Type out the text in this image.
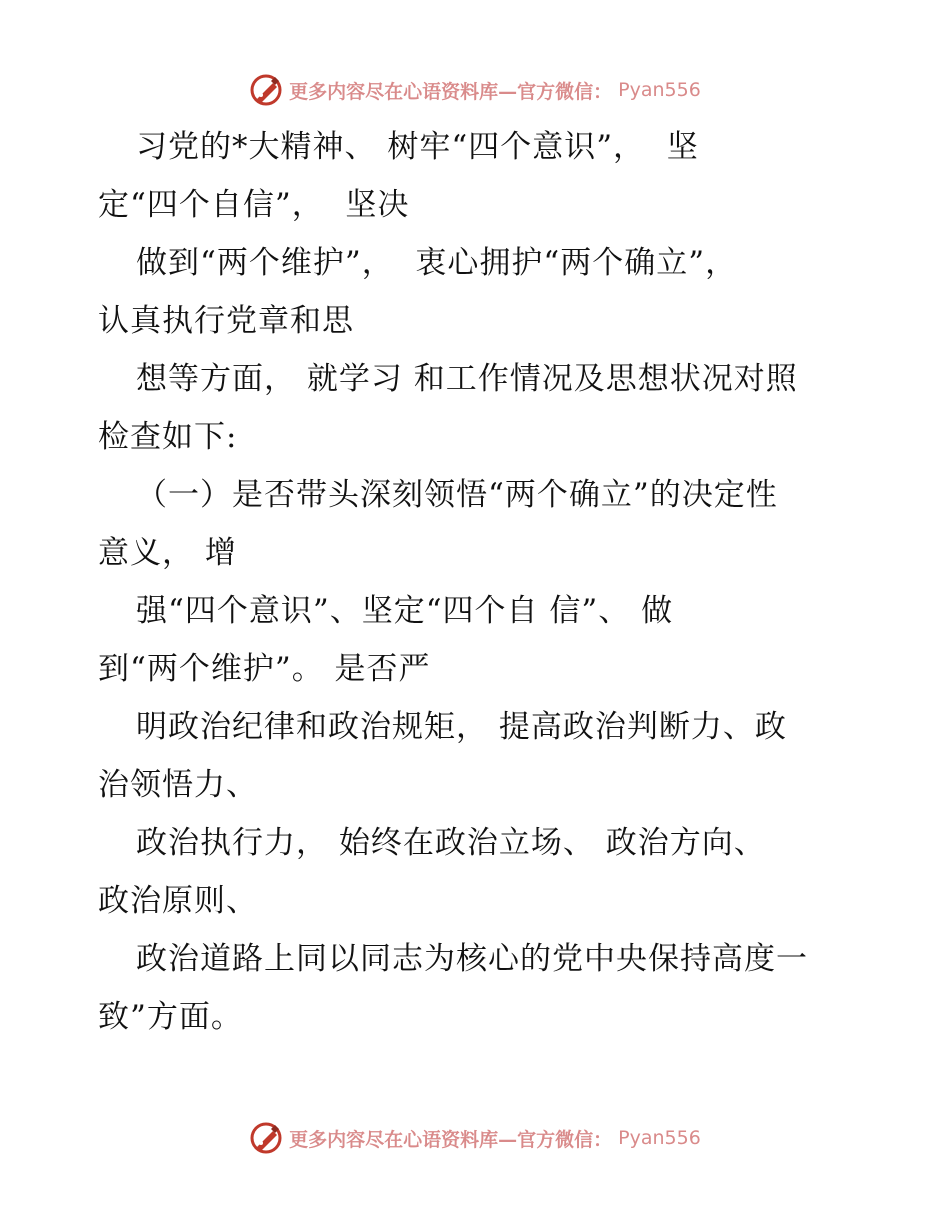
更多内容尽在心语资料库—官方微信： Pyan556
习党的*大精神、 树牢“四个意识”，  坚
定“四个自信”，  坚决
做到“两个维护”，  衷心拥护“两个确立”，
认真执行党章和思
想等方面， 就学习 和工作情况及思想状况对照
检查如下:
（一）是否带头深刻领悟“两个确立”的决定性
意义， 增
强“四个意识”、坚定“四个自 信”、 做
到“两个维护”。 是否严
明政治纪律和政治规矩， 提高政治判断力、政
治领悟力、
政治执行力， 始终在政治立场、 政治方向、
政治原则、
政治道路上同以同志为核心的党中央保持高度一
致”方面。
更多内容尽在心语资料库—官方微信： Pyan556
